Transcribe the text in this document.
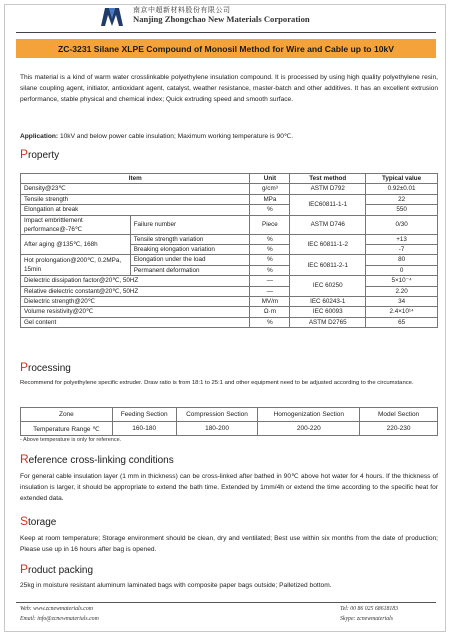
南京中超新材料股份有限公司
Nanjing Zhongchao New Materials Corporation
ZC-3231 Silane XLPE Compound of Monosil Method for Wire and Cable up to 10kV
This material is a kind of warm water crosslinkable polyethylene insulation compound. It is processed by using high quality polyethylene resin, silane coupling agent, initiator, antioxidant agent, catalyst, weather resistance, master-batch and other additives. It has an excellent extrusion performance, stable physical and chemical index; Quick extruding speed and smooth surface.
Application: 10kV and below power cable insulation; Maximum working temperature is 90℃.
Property
Item		Unit	Test method	Typical value
Density@23℃		g/cm³	ASTM D792	0.92±0.01
Tensile strength		MPa	IEC60811-1-1	22
Elongation at break		%		550
Impact embrittlement performance@-76℃	Failure number	Piece	ASTM D746	0/30
After aging @135℃, 168h	Tensile strength variation	%	IEC 60811-1-2	+13
	Breaking elongation variation	%		-7
Hot prolongation@200℃, 0.2MPa, 15min	Elongation under the load	%	IEC 60811-2-1	80
	Permanent deformation	%		0
Dielectric dissipation factor@20℃, 50HZ		—	IEC 60250	5×10⁻⁴
Relative dielectric constant@20℃, 50HZ		—		2.20
Dielectric strength@20℃		MV/m	IEC 60243-1	34
Volume resistivity@20℃		Ω·m	IEC 60093	2.4×10¹⁴
Gel content		%	ASTM D2765	65
Processing
Recommend for polyethylene specific extruder. Draw ratio is from 18:1 to 25:1 and other equipment need to be adjusted according to the circumstance.
Zone	Feeding Section	Compression Section	Homogenization Section	Model Section
Temperature Range ℃	160-180	180-200	200-220	220-230
- Above temperature is only for reference.
Reference cross-linking conditions
For general cable insulation layer (1 mm in thickness) can be cross-linked after bathed in 90℃ above hot water for 4 hours. If the thickness of insulation is larger, it should be appropriate to extend the bath time. Extended by 1mm/4h or extend the time according to the specific heat for extended data.
Storage
Keep at room temperature; Storage environment should be clean, dry and ventilated; Best use within six months from the date of production; Please use up in 16 hours after bag is opened.
Product packing
25kg in moisture resistant aluminum laminated bags with composite paper bags outside; Palletized bottom.
Web: www.zcnewmaterials.com
Email: info@zcnewmaterials.com
Tel: 00 86 025 68618183
Skype: zcnewmaterials
